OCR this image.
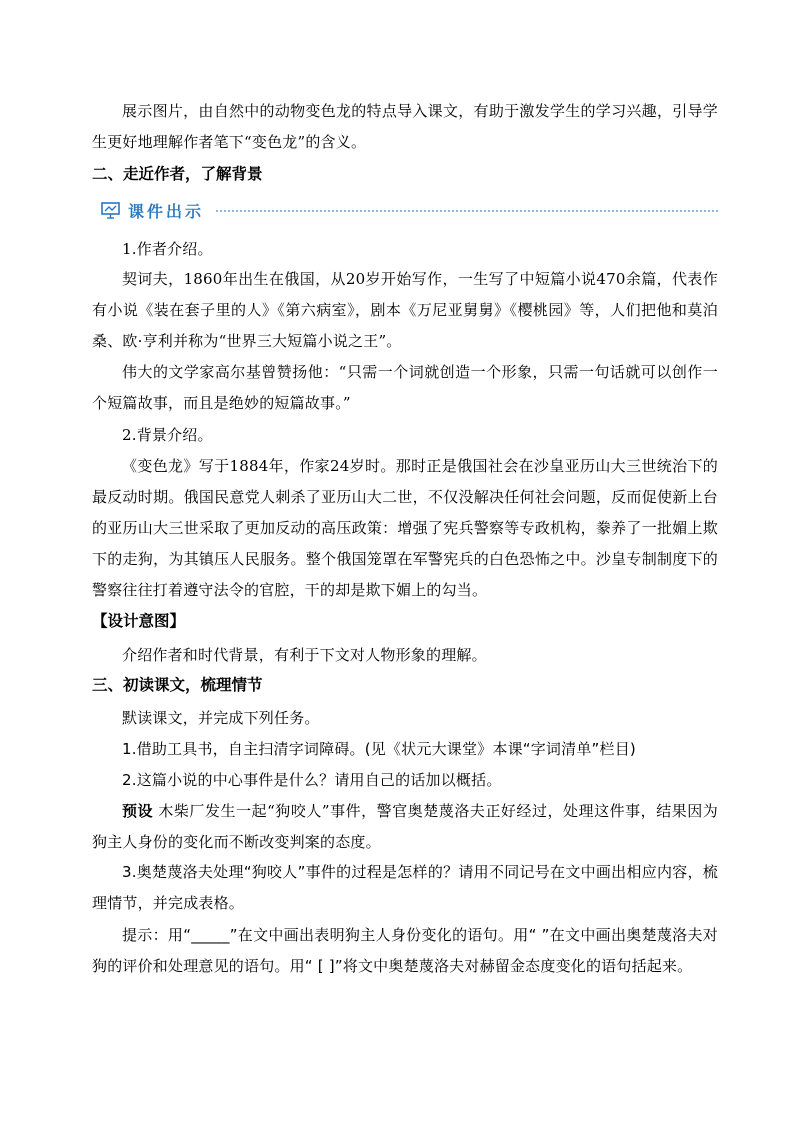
展示图片，由自然中的动物变色龙的特点导入课文，有助于激发学生的学习兴趣，引导学生更好地理解作者笔下“变色龙”的含义。

二、走近作者，了解背景
课件出示

1.作者介绍。

契诃夫，1860年出生在俄国，从20岁开始写作，一生写了中短篇小说470余篇，代表作有小说《装在套子里的人》《第六病室》，剧本《万尼亚舅舅》《樱桃园》等，人们把他和莫泊桑、欧·亨利并称为“世界三大短篇小说之王”。

伟大的文学家高尔基曾赞扬他：“只需一个词就创造一个形象，只需一句话就可以创作一个短篇故事，而且是绝妙的短篇故事。”

2.背景介绍。

《变色龙》写于1884年，作家24岁时。那时正是俄国社会在沙皇亚历山大三世统治下的最反动时期。俄国民意党人刺杀了亚历山大二世，不仅没解决任何社会问题，反而促使新上台的亚历山大三世采取了更加反动的高压政策：增强了宪兵警察等专政机构，豢养了一批媚上欺下的走狗，为其镇压人民服务。整个俄国笼罩在军警宪兵的白色恐怖之中。沙皇专制制度下的警察往往打着遵守法令的官腔，干的却是欺下媚上的勾当。

【设计意图】

介绍作者和时代背景，有利于下文对人物形象的理解。

三、初读课文，梳理情节

默读课文，并完成下列任务。

1.借助工具书，自主扫清字词障碍。(见《状元大课堂》本课“字词清单”栏目)

2.这篇小说的中心事件是什么？请用自己的话加以概括。

预设 木柴厂发生一起“狗咬人”事件，警官奥楚蔑洛夫正好经过，处理这件事，结果因为狗主人身份的变化而不断改变判案的态度。

3.奥楚蔑洛夫处理“狗咬人”事件的过程是怎样的？请用不同记号在文中画出相应内容，梳理情节，并完成表格。

提示：用“_____”在文中画出表明狗主人身份变化的语句。用“ ”在文中画出奥楚蔑洛夫对狗的评价和处理意见的语句。用“ [ ]”将文中奥楚蔑洛夫对赫留金态度变化的语句括起来。
